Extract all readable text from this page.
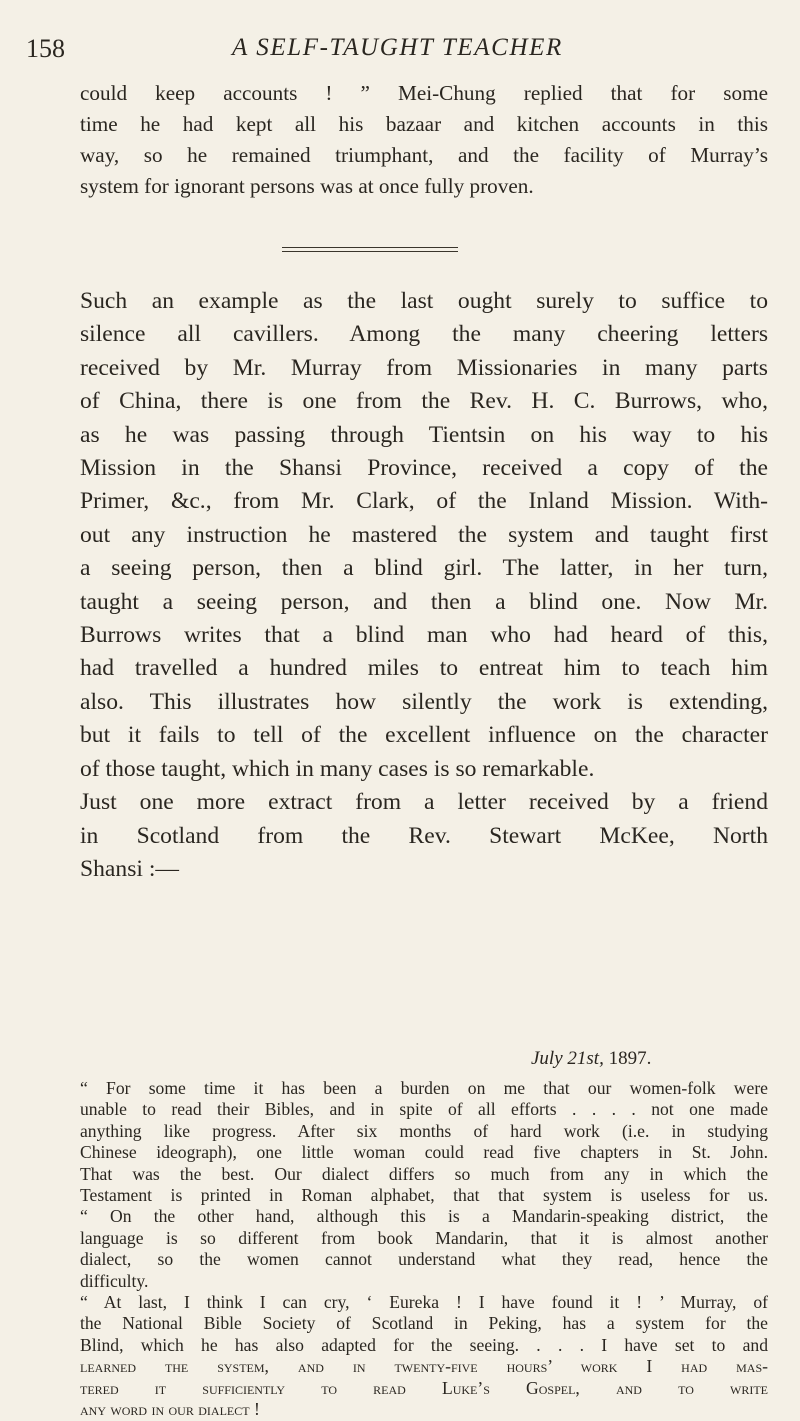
158	A SELF-TAUGHT TEACHER
could keep accounts ! ” Mei-Chung replied that for some
time he had kept all his bazaar and kitchen accounts in this
way, so he remained triumphant, and the facility of Murray’s
system for ignorant persons was at once fully proven.
Such an example as the last ought surely to suffice to
silence all cavillers. Among the many cheering letters
received by Mr. Murray from Missionaries in many parts
of China, there is one from the Rev. H. C. Burrows, who,
as he was passing through Tientsin on his way to his
Mission in the Shansi Province, received a copy of the
Primer, &c., from Mr. Clark, of the Inland Mission. With-
out any instruction he mastered the system and taught first
a seeing person, then a blind girl. The latter, in her turn,
taught a seeing person, and then a blind one. Now Mr.
Burrows writes that a blind man who had heard of this,
had travelled a hundred miles to entreat him to teach him
also. This illustrates how silently the work is extending,
but it fails to tell of the excellent influence on the character
of those taught, which in many cases is so remarkable.
Just one more extract from a letter received by a friend
in Scotland from the Rev. Stewart McKee, North
Shansi :—
July 21st, 1897.
“ For some time it has been a burden on me that our women-folk were
unable to read their Bibles, and in spite of all efforts . . . . not one made
anything like progress. After six months of hard work (i.e. in studying
Chinese ideograph), one little woman could read five chapters in St. John.
That was the best. Our dialect differs so much from any in which the
Testament is printed in Roman alphabet, that that system is useless for us.
“ On the other hand, although this is a Mandarin-speaking district, the
language is so different from book Mandarin, that it is almost another
dialect, so the women cannot understand what they read, hence the
difficulty.
“ At last, I think I can cry, ‘ Eureka ! I have found it ! ’ Murray, of
the National Bible Society of Scotland in Peking, has a system for the
Blind, which he has also adapted for the seeing. . . . I have set to and
learned the system, and in twenty-five hours’ work I had mas-
tered it sufficiently to read Luke’s Gospel, and to write
any word in our dialect !
